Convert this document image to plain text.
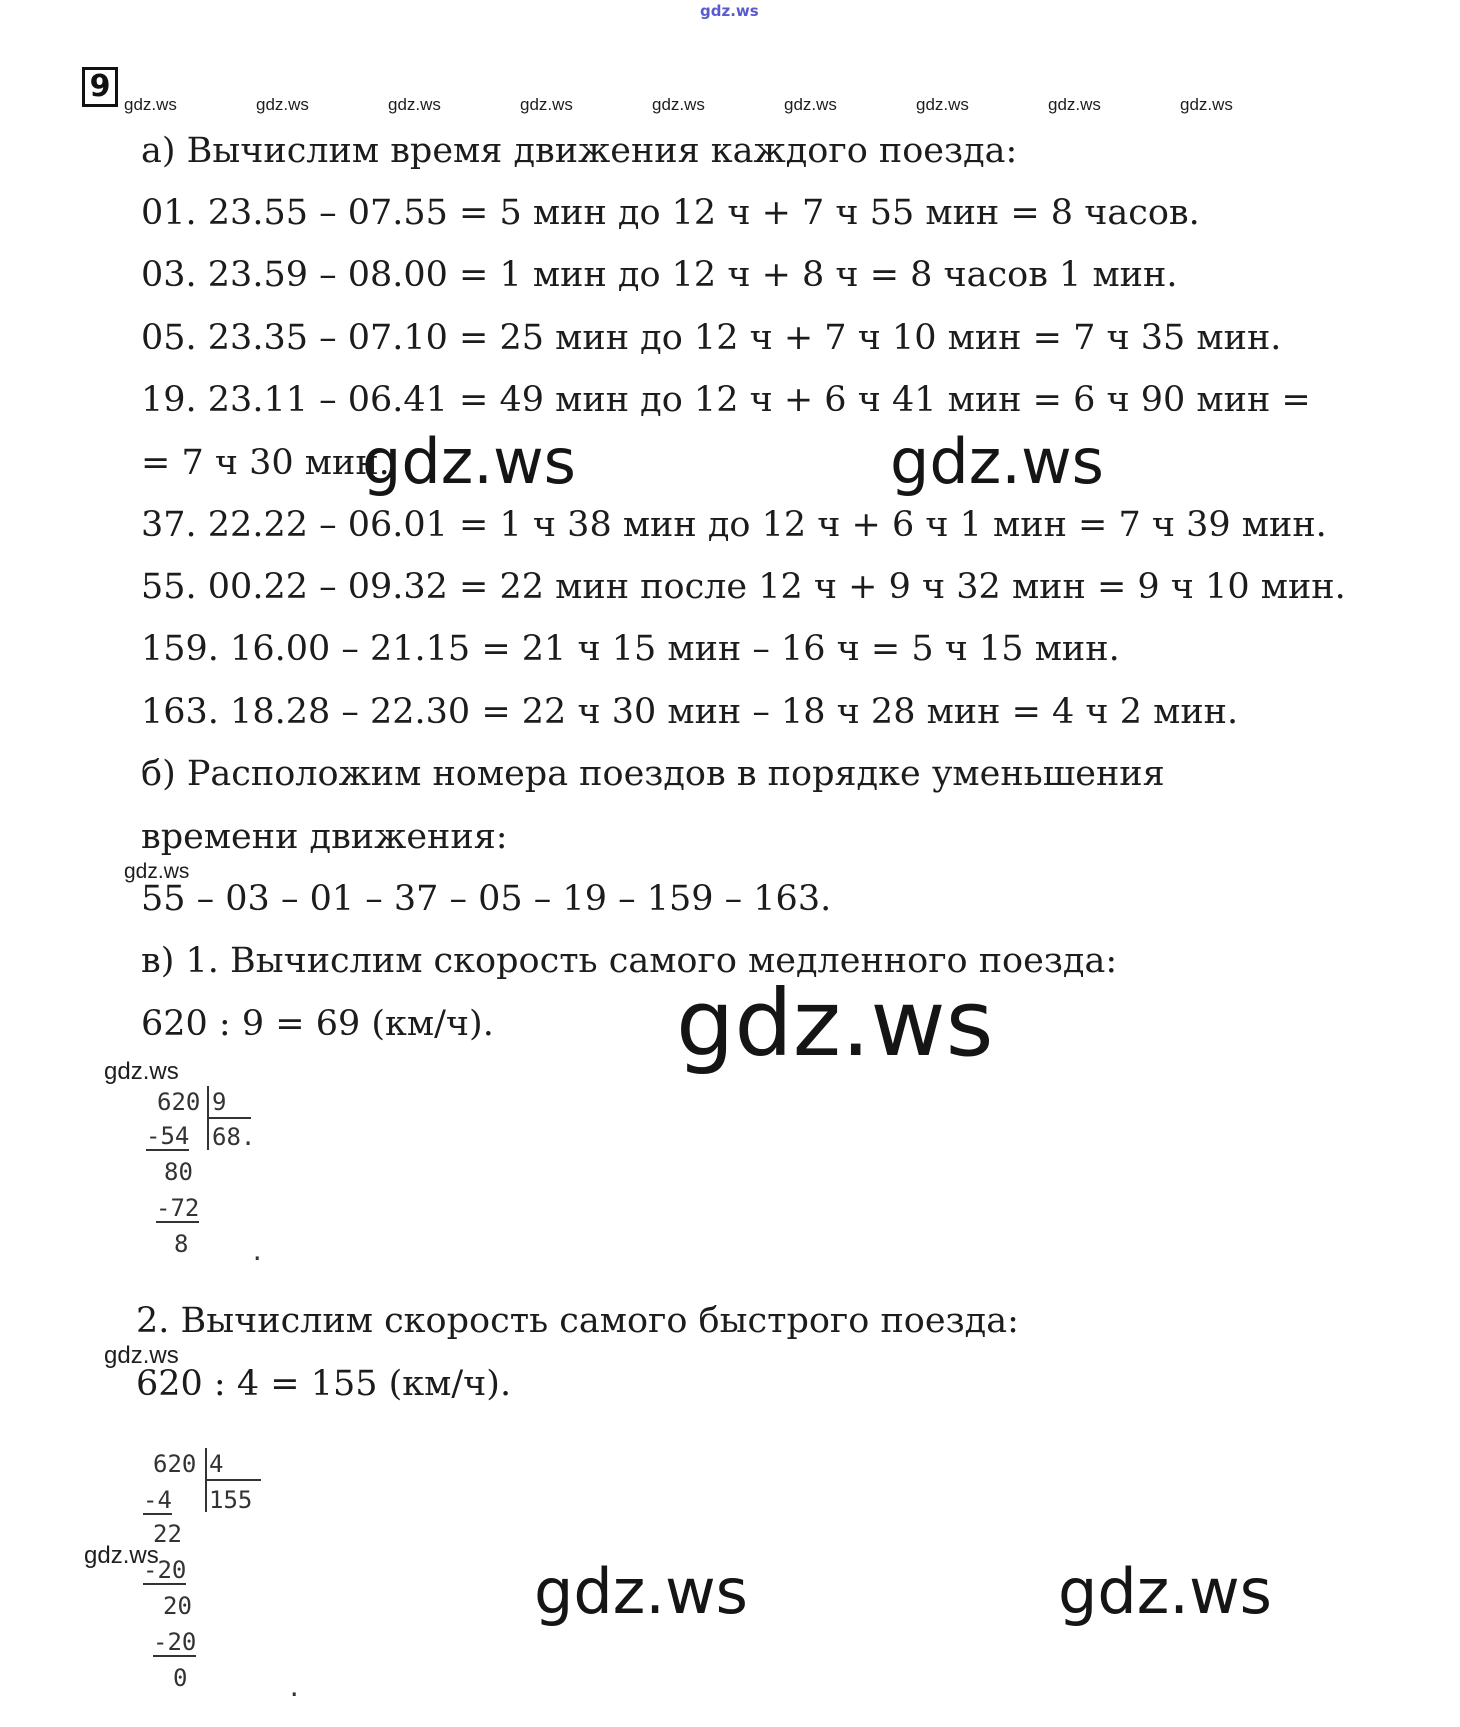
gdz.ws
9
gdz.ws	gdz.ws	gdz.ws	gdz.ws	gdz.ws	gdz.ws	gdz.ws	gdz.ws	gdz.ws
а) Вычислим время движения каждого поезда:
01. 23.55 – 07.55 = 5 мин до 12 ч + 7 ч 55 мин = 8 часов.
03. 23.59 – 08.00 = 1 мин до 12 ч + 8 ч = 8 часов 1 мин.
05. 23.35 – 07.10 = 25 мин до 12 ч + 7 ч 10 мин = 7 ч 35 мин.
19. 23.11 – 06.41 = 49 мин до 12 ч + 6 ч 41 мин = 6 ч 90 мин =
= 7 ч 30 мин.
37. 22.22 – 06.01 = 1 ч 38 мин до 12 ч + 6 ч 1 мин = 7 ч 39 мин.
55. 00.22 – 09.32 = 22 мин после 12 ч + 9 ч 32 мин = 9 ч 10 мин.
159. 16.00 – 21.15 = 21 ч 15 мин – 16 ч = 5 ч 15 мин.
163. 18.28 – 22.30 = 22 ч 30 мин – 18 ч 28 мин = 4 ч 2 мин.
б) Расположим номера поездов в порядке уменьшения
времени движения:
55 – 03 – 01 – 37 – 05 – 19 – 159 – 163.
в) 1. Вычислим скорость самого медленного поезда:
620 : 9 = 69 (км/ч).
2. Вычислим скорость самого быстрого поезда:
620 : 4 = 155 (км/ч).
gdz.ws
gdz.ws
gdz.ws
gdz.ws
gdz.ws	gdz.ws
gdz.ws
gdz.ws	gdz.ws
620 9
68.
-54
80
-72
8	.
620 4
155
-4
22
-20
20
-20
0	.
